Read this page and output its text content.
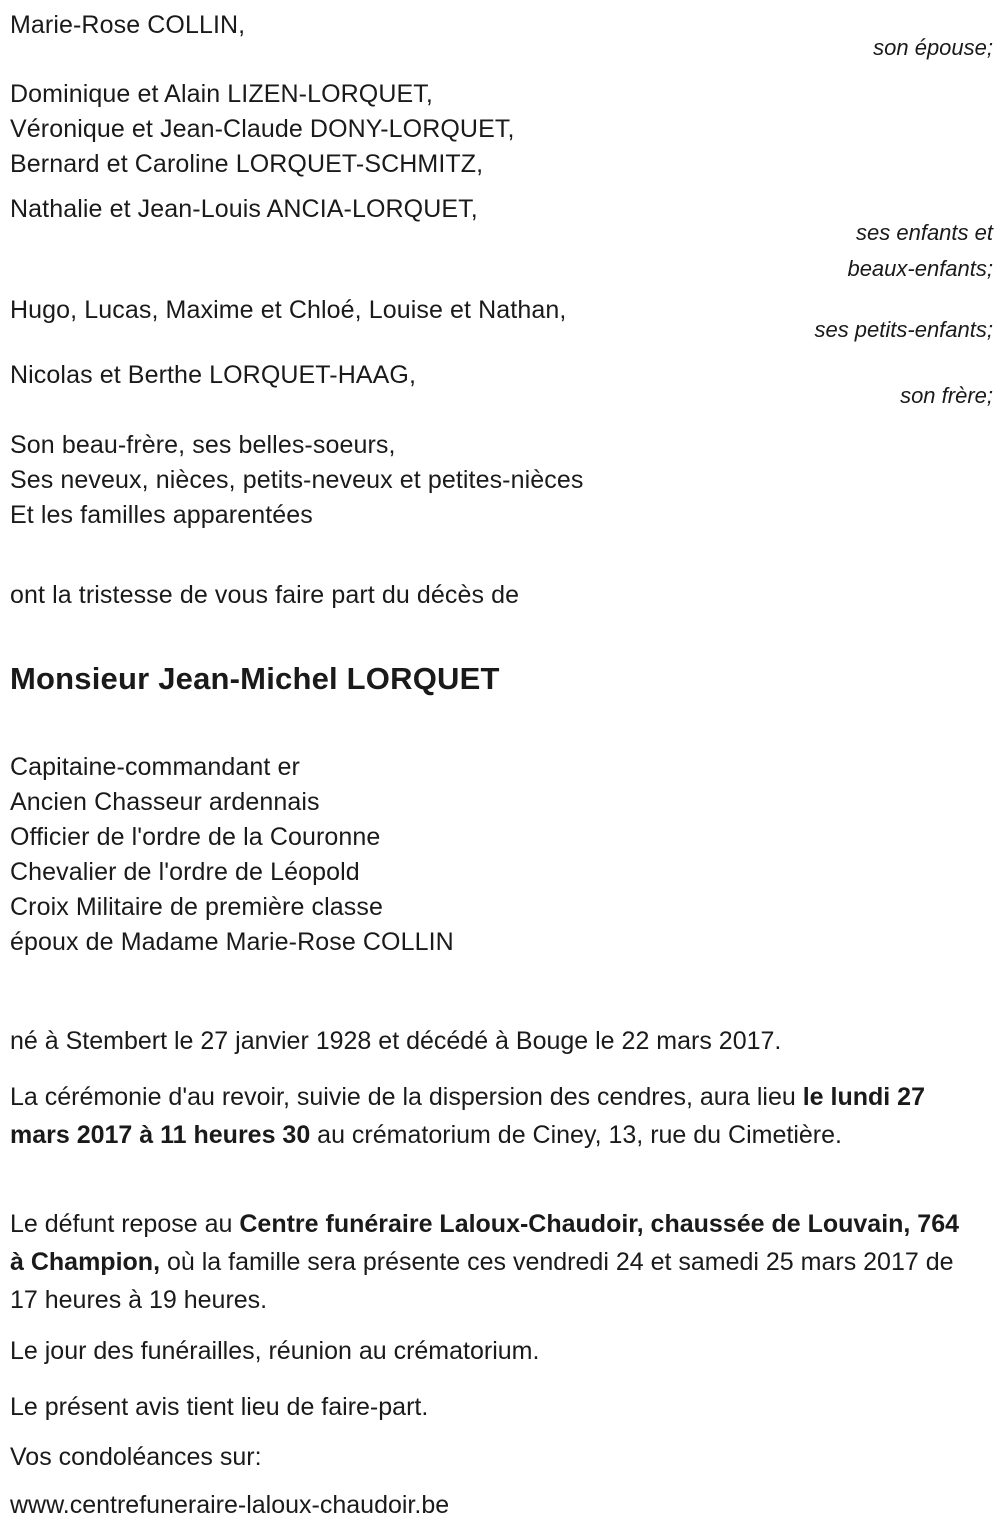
Marie-Rose COLLIN,
son épouse;
Dominique et Alain LIZEN-LORQUET,
Véronique et Jean-Claude DONY-LORQUET,
Bernard et Caroline LORQUET-SCHMITZ,
Nathalie et Jean-Louis ANCIA-LORQUET,
ses enfants et
beaux-enfants;
Hugo, Lucas, Maxime et Chloé, Louise et Nathan,
ses petits-enfants;
Nicolas et Berthe LORQUET-HAAG,
son frère;
Son beau-frère, ses belles-soeurs,
Ses neveux, nièces, petits-neveux et petites-nièces
Et les familles apparentées
ont la tristesse de vous faire part du décès de
Monsieur Jean-Michel LORQUET
Capitaine-commandant er
Ancien Chasseur ardennais
Officier de l'ordre de la Couronne
Chevalier de l'ordre de Léopold
Croix Militaire de première classe
époux de Madame Marie-Rose COLLIN
né à Stembert le 27 janvier 1928 et décédé à Bouge le 22 mars 2017.
La cérémonie d'au revoir, suivie de la dispersion des cendres, aura lieu le lundi 27 mars 2017 à 11 heures 30 au crématorium de Ciney, 13, rue du Cimetière.
Le défunt repose au Centre funéraire Laloux-Chaudoir, chaussée de Louvain, 764 à Champion, où la famille sera présente ces vendredi 24 et samedi 25 mars 2017 de 17 heures à 19 heures.
Le jour des funérailles, réunion au crématorium.
Le présent avis tient lieu de faire-part.
Vos condoléances sur:
www.centrefuneraire-laloux-chaudoir.be
